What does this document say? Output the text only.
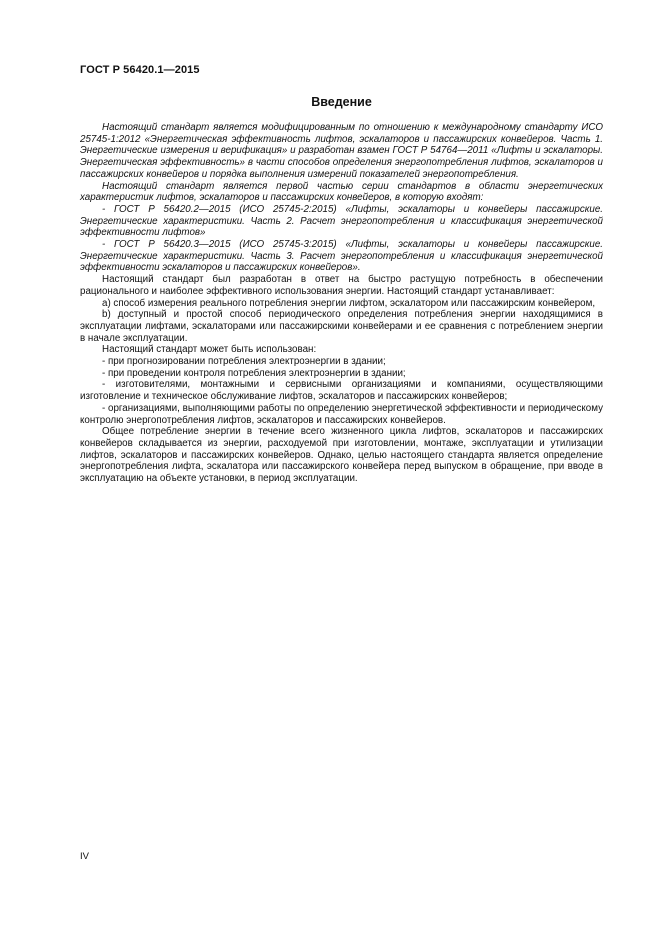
ГОСТ Р 56420.1—2015
Введение

Настоящий стандарт является модифицированным по отношению к международному стандарту ИСО 25745-1:2012 «Энергетическая эффективность лифтов, эскалаторов и пассажирских конвейеров. Часть 1. Энергетические измерения и верификация» и разработан взамен ГОСТ Р 54764—2011 «Лифты и эскалаторы. Энергетическая эффективность» в части способов определения энергопотребления лифтов, эскалаторов и пассажирских конвейеров и порядка выполнения измерений показателей энергопотребления.

Настоящий стандарт является первой частью серии стандартов в области энергетических характеристик лифтов, эскалаторов и пассажирских конвейеров, в которую входят:

- ГОСТ Р 56420.2—2015 (ИСО 25745-2:2015) «Лифты, эскалаторы и конвейеры пассажирские. Энергетические характеристики. Часть 2. Расчет энергопотребления и классификация энергетической эффективности лифтов»

- ГОСТ Р 56420.3—2015 (ИСО 25745-3:2015) «Лифты, эскалаторы и конвейеры пассажирские. Энергетические характеристики. Часть 3. Расчет энергопотребления и классификация энергетической эффективности эскалаторов и пассажирских конвейеров».

Настоящий стандарт был разработан в ответ на быстро растущую потребность в обеспечении рационального и наиболее эффективного использования энергии. Настоящий стандарт устанавливает:

а) способ измерения реального потребления энергии лифтом, эскалатором или пассажирским конвейером,

b) доступный и простой способ периодического определения потребления энергии находящимися в эксплуатации лифтами, эскалаторами или пассажирскими конвейерами и ее сравнения с потреблением энергии в начале эксплуатации.

Настоящий стандарт может быть использован:

- при прогнозировании потребления электроэнергии в здании;

- при проведении контроля потребления электроэнергии в здании;

- изготовителями, монтажными и сервисными организациями и компаниями, осуществляющими изготовление и техническое обслуживание лифтов, эскалаторов и пассажирских конвейеров;

- организациями, выполняющими работы по определению энергетической эффективности и периодическому контролю энергопотребления лифтов, эскалаторов и пассажирских конвейеров.

Общее потребление энергии в течение всего жизненного цикла лифтов, эскалаторов и пассажирских конвейеров складывается из энергии, расходуемой при изготовлении, монтаже, эксплуатации и утилизации лифтов, эскалаторов и пассажирских конвейеров. Однако, целью настоящего стандарта является определение энергопотребления лифта, эскалатора или пассажирского конвейера перед выпуском в обращение, при вводе в эксплуатацию на объекте установки, в период эксплуатации.

IV
